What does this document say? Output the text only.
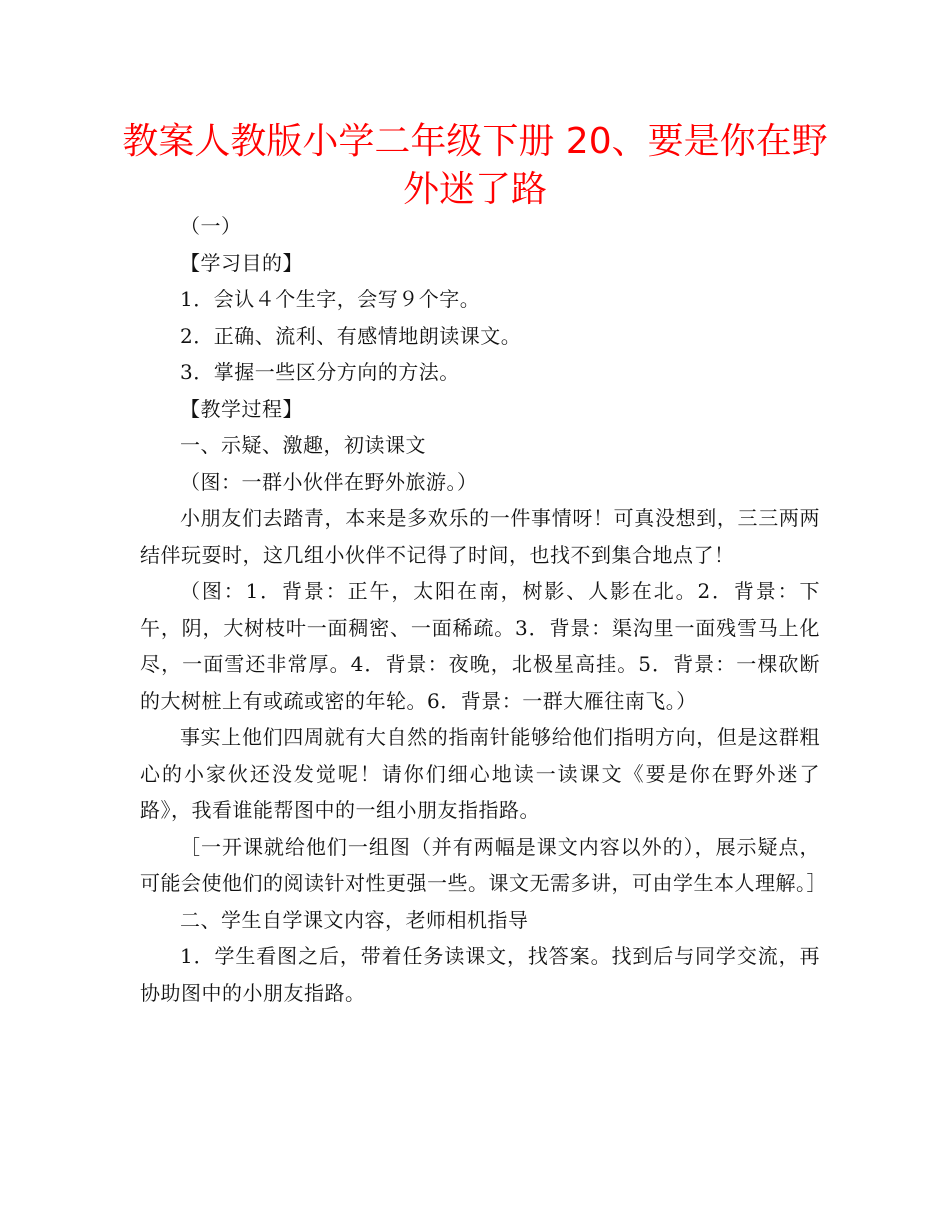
教案人教版小学二年级下册 20、要是你在野外迷了路

（一）

【学习目的】

1．会认４个生字，会写９个字。

2．正确、流利、有感情地朗读课文。

3．掌握一些区分方向的方法。

【教学过程】

一、示疑、激趣，初读课文

（图：一群小伙伴在野外旅游。）

小朋友们去踏青，本来是多欢乐的一件事情呀！可真没想到，三三两两结伴玩耍时，这几组小伙伴不记得了时间，也找不到集合地点了！

（图：1．背景：正午，太阳在南，树影、人影在北。2．背景：下午，阴，大树枝叶一面稠密、一面稀疏。3．背景：渠沟里一面残雪马上化尽，一面雪还非常厚。4．背景：夜晚，北极星高挂。5．背景：一棵砍断的大树桩上有或疏或密的年轮。6．背景：一群大雁往南飞。）

事实上他们四周就有大自然的指南针能够给他们指明方向，但是这群粗心的小家伙还没发觉呢！请你们细心地读一读课文《要是你在野外迷了路》，我看谁能帮图中的一组小朋友指指路。

［一开课就给他们一组图（并有两幅是课文内容以外的），展示疑点，可能会使他们的阅读针对性更强一些。课文无需多讲，可由学生本人理解。］

二、学生自学课文内容，老师相机指导

1．学生看图之后，带着任务读课文，找答案。找到后与同学交流，再协助图中的小朋友指路。
